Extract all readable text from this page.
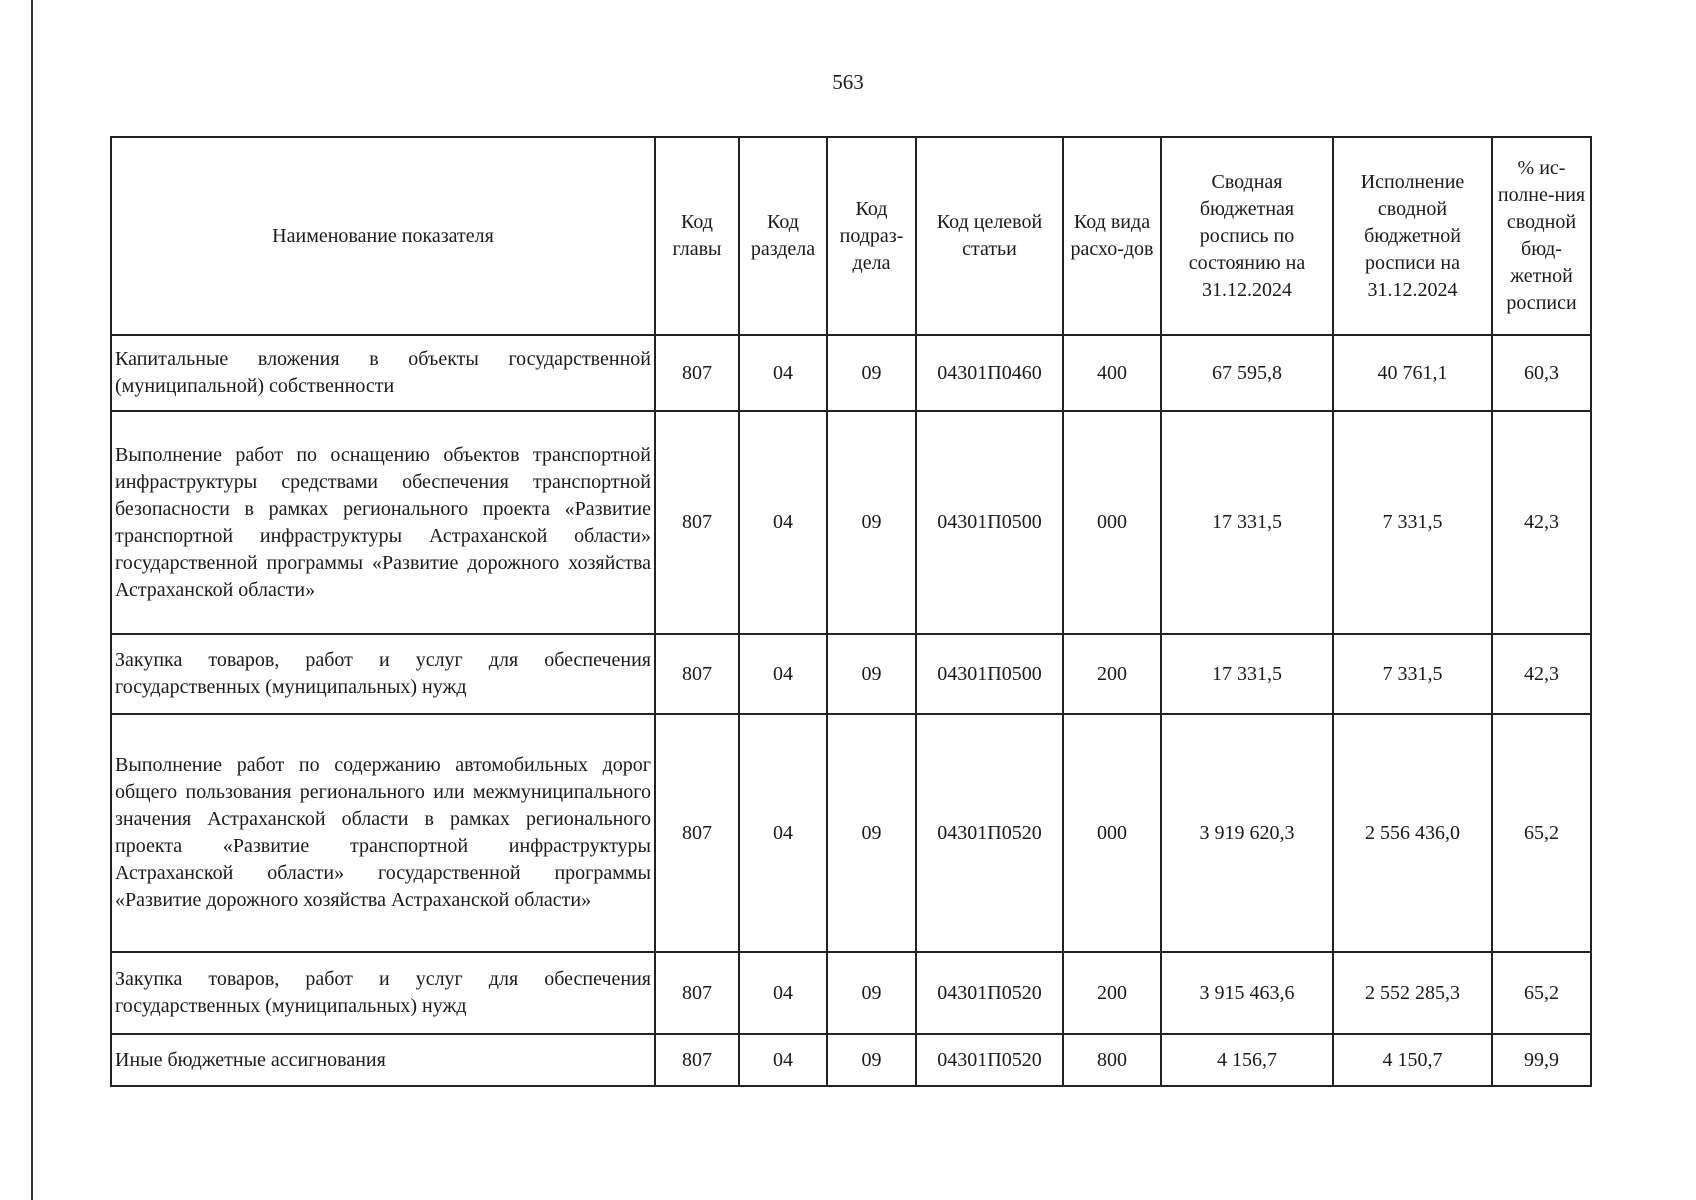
563
Наименование показателя	Код главы	Код раздела	Код подраз-дела	Код целевой статьи	Код вида расхо-дов	Сводная бюджетная роспись по состоянию на 31.12.2024	Исполнение сводной бюджетной росписи на 31.12.2024	% ис-полне-ния сводной бюд-жетной росписи
Капитальные вложения в объекты государственной (муниципальной) собственности	807	04	09	04301П0460	400	67 595,8	40 761,1	60,3
Выполнение работ по оснащению объектов транспортной инфраструктуры средствами обеспечения транспортной безопасности в рамках регионального проекта «Развитие транспортной инфраструктуры Астраханской области» государственной программы «Развитие дорожного хозяйства Астраханской области»	807	04	09	04301П0500	000	17 331,5	7 331,5	42,3
Закупка товаров, работ и услуг для обеспечения государственных (муниципальных) нужд	807	04	09	04301П0500	200	17 331,5	7 331,5	42,3
Выполнение работ по содержанию автомобильных дорог общего пользования регионального или межмуниципального значения Астраханской области в рамках регионального проекта «Развитие транспортной инфраструктуры Астраханской области» государственной программы «Развитие дорожного хозяйства Астраханской области»	807	04	09	04301П0520	000	3 919 620,3	2 556 436,0	65,2
Закупка товаров, работ и услуг для обеспечения государственных (муниципальных) нужд	807	04	09	04301П0520	200	3 915 463,6	2 552 285,3	65,2
Иные бюджетные ассигнования	807	04	09	04301П0520	800	4 156,7	4 150,7	99,9
